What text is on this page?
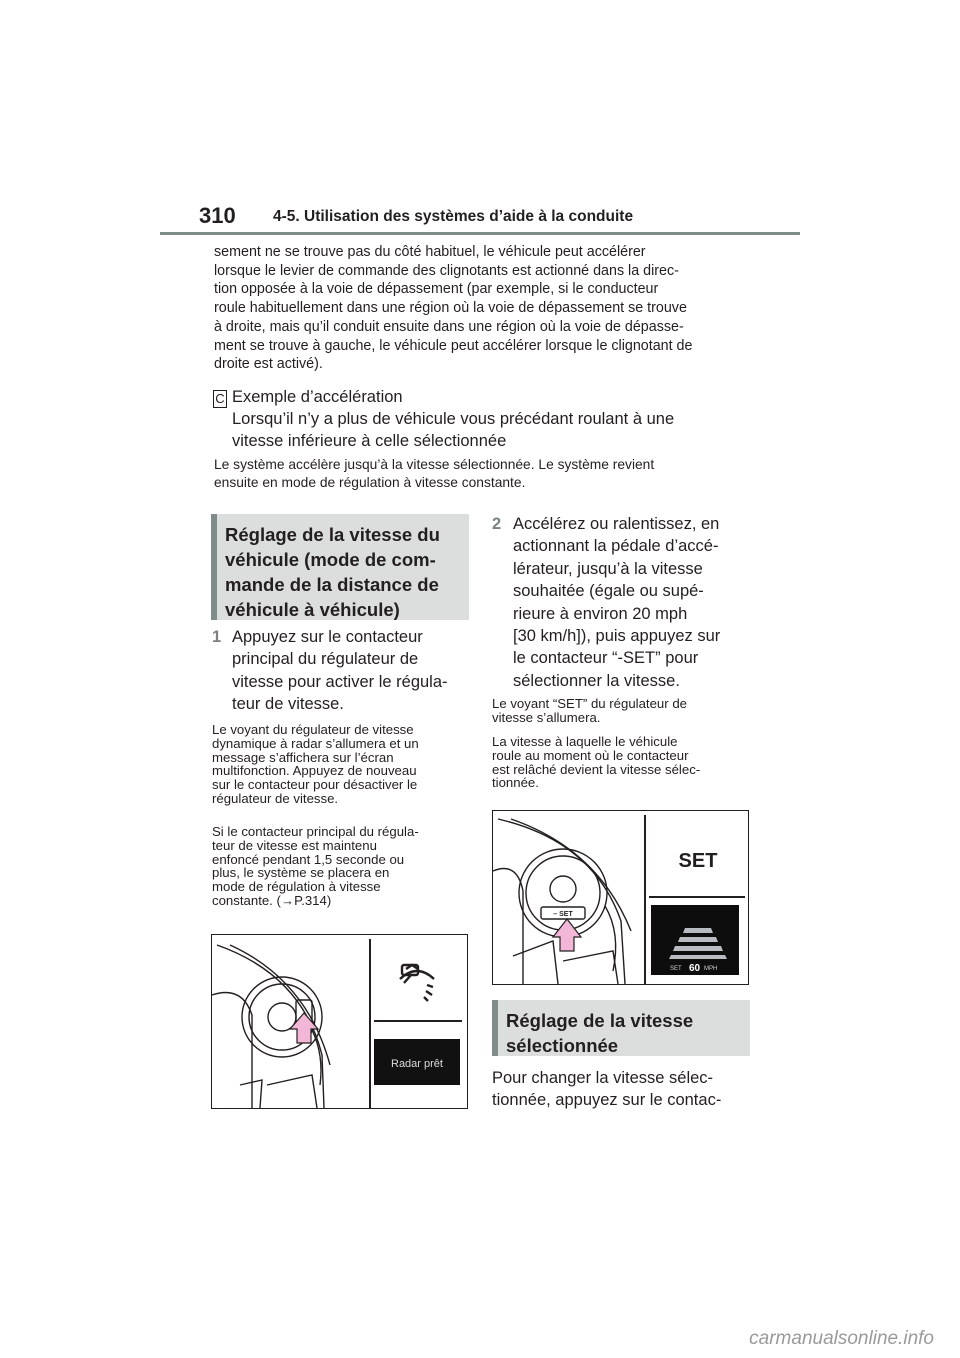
310 4-5. Utilisation des systèmes d’aide à la conduite
sement ne se trouve pas du côté habituel, le véhicule peut accélérer
lorsque le levier de commande des clignotants est actionné dans la direc-
tion opposée à la voie de dépassement (par exemple, si le conducteur
roule habituellement dans une région où la voie de dépassement se trouve
à droite, mais qu’il conduit ensuite dans une région où la voie de dépasse-
ment se trouve à gauche, le véhicule peut accélérer lorsque le clignotant de
droite est activé).
C Exemple d’accélération
Lorsqu’il n’y a plus de véhicule vous précédant roulant à une
vitesse inférieure à celle sélectionnée
Le système accélère jusqu’à la vitesse sélectionnée. Le système revient
ensuite en mode de régulation à vitesse constante.
Réglage de la vitesse du
véhicule (mode de com-
mande de la distance de
véhicule à véhicule)
1 Appuyez sur le contacteur
principal du régulateur de
vitesse pour activer le régula-
teur de vitesse.
Le voyant du régulateur de vitesse
dynamique à radar s’allumera et un
message s’affichera sur l’écran
multifonction. Appuyez de nouveau
sur le contacteur pour désactiver le
régulateur de vitesse.
Si le contacteur principal du régula-
teur de vitesse est maintenu
enfoncé pendant 1,5 seconde ou
plus, le système se placera en
mode de régulation à vitesse
constante. (→P.314)
Radar prêt
2 Accélérez ou ralentissez, en
actionnant la pédale d’accé-
lérateur, jusqu’à la vitesse
souhaitée (égale ou supé-
rieure à environ 20 mph
[30 km/h]), puis appuyez sur
le contacteur “-SET” pour
sélectionner la vitesse.
Le voyant “SET” du régulateur de
vitesse s’allumera.
La vitesse à laquelle le véhicule
roule au moment où le contacteur
est relâché devient la vitesse sélec-
tionnée.
– SET
SET
SET 60 MPH
Réglage de la vitesse
sélectionnée
Pour changer la vitesse sélec-
tionnée, appuyez sur le contac-
carmanualsonline.info
